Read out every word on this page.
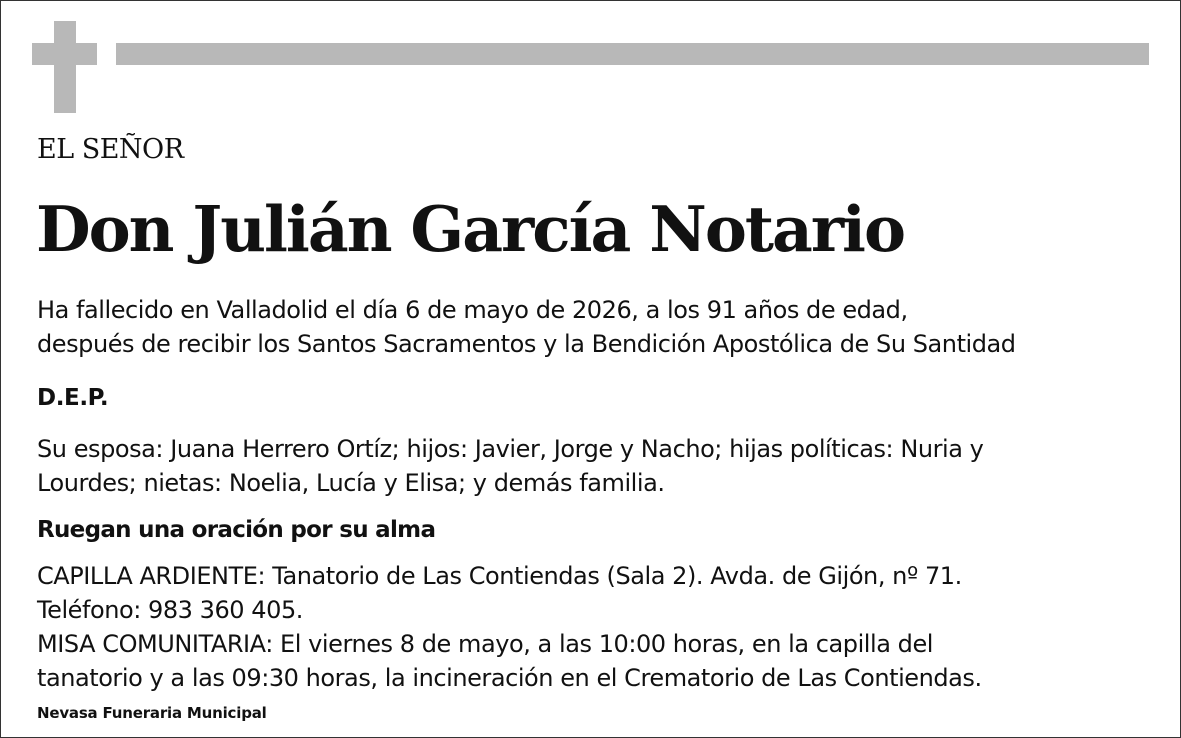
EL SEÑOR
Don Julián García Notario
Ha fallecido en Valladolid el día 6 de mayo de 2026, a los 91 años de edad,
después de recibir los Santos Sacramentos y la Bendición Apostólica de Su Santidad
D.E.P.
Su esposa: Juana Herrero Ortíz; hijos: Javier, Jorge y Nacho; hijas políticas: Nuria y
Lourdes; nietas: Noelia, Lucía y Elisa; y demás familia.
Ruegan una oración por su alma
CAPILLA ARDIENTE: Tanatorio de Las Contiendas (Sala 2). Avda. de Gijón, nº 71.
Teléfono: 983 360 405.
MISA COMUNITARIA: El viernes 8 de mayo, a las 10:00 horas, en la capilla del
tanatorio y a las 09:30 horas, la incineración en el Crematorio de Las Contiendas.
Nevasa Funeraria Municipal
